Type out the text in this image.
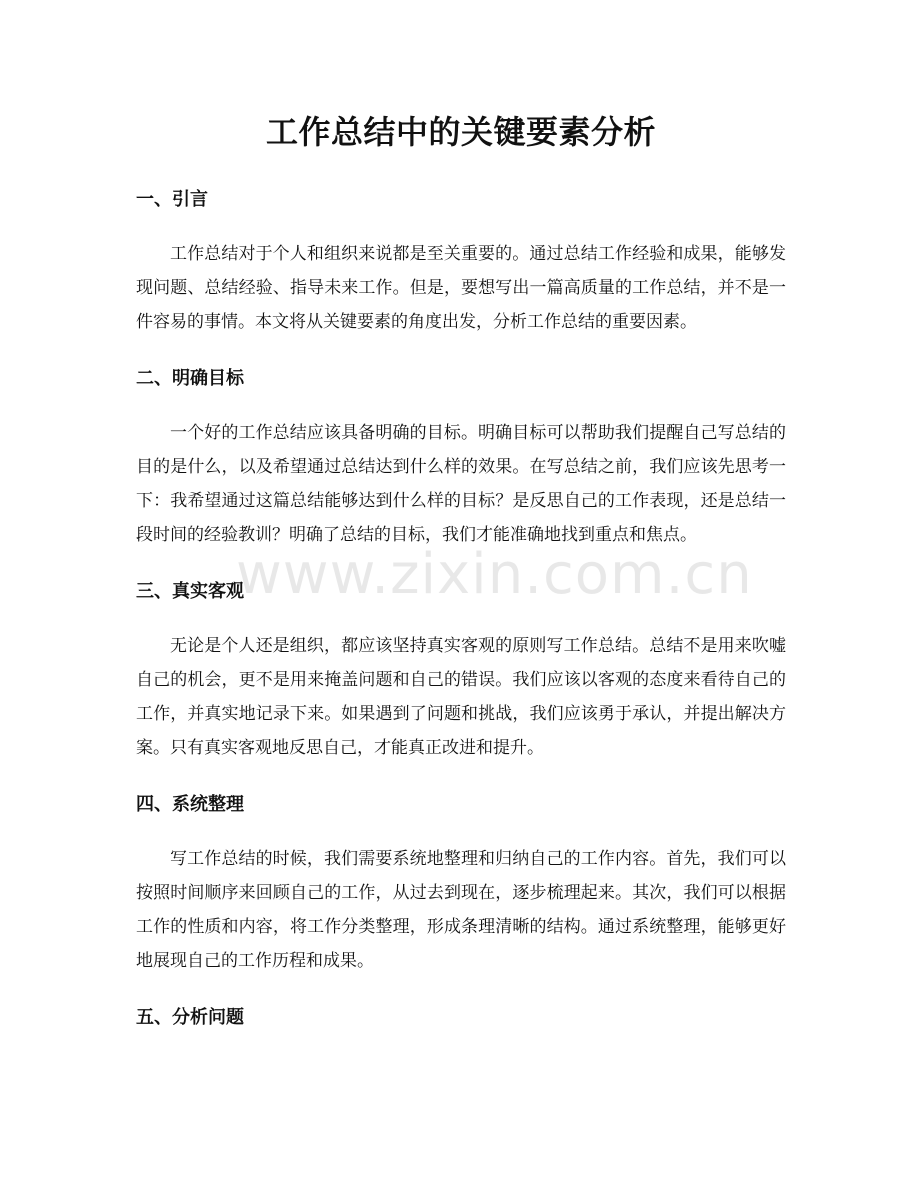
工作总结中的关键要素分析
一、引言

工作总结对于个人和组织来说都是至关重要的。通过总结工作经验和成果，能够发现问题、总结经验、指导未来工作。但是，要想写出一篇高质量的工作总结，并不是一件容易的事情。本文将从关键要素的角度出发，分析工作总结的重要因素。

二、明确目标

一个好的工作总结应该具备明确的目标。明确目标可以帮助我们提醒自己写总结的目的是什么，以及希望通过总结达到什么样的效果。在写总结之前，我们应该先思考一下：我希望通过这篇总结能够达到什么样的目标？是反思自己的工作表现，还是总结一段时间的经验教训？明确了总结的目标，我们才能准确地找到重点和焦点。

三、真实客观

无论是个人还是组织，都应该坚持真实客观的原则写工作总结。总结不是用来吹嘘自己的机会，更不是用来掩盖问题和自己的错误。我们应该以客观的态度来看待自己的工作，并真实地记录下来。如果遇到了问题和挑战，我们应该勇于承认，并提出解决方案。只有真实客观地反思自己，才能真正改进和提升。

四、系统整理

写工作总结的时候，我们需要系统地整理和归纳自己的工作内容。首先，我们可以按照时间顺序来回顾自己的工作，从过去到现在，逐步梳理起来。其次，我们可以根据工作的性质和内容，将工作分类整理，形成条理清晰的结构。通过系统整理，能够更好地展现自己的工作历程和成果。

五、分析问题
www.zixin.com.cn
